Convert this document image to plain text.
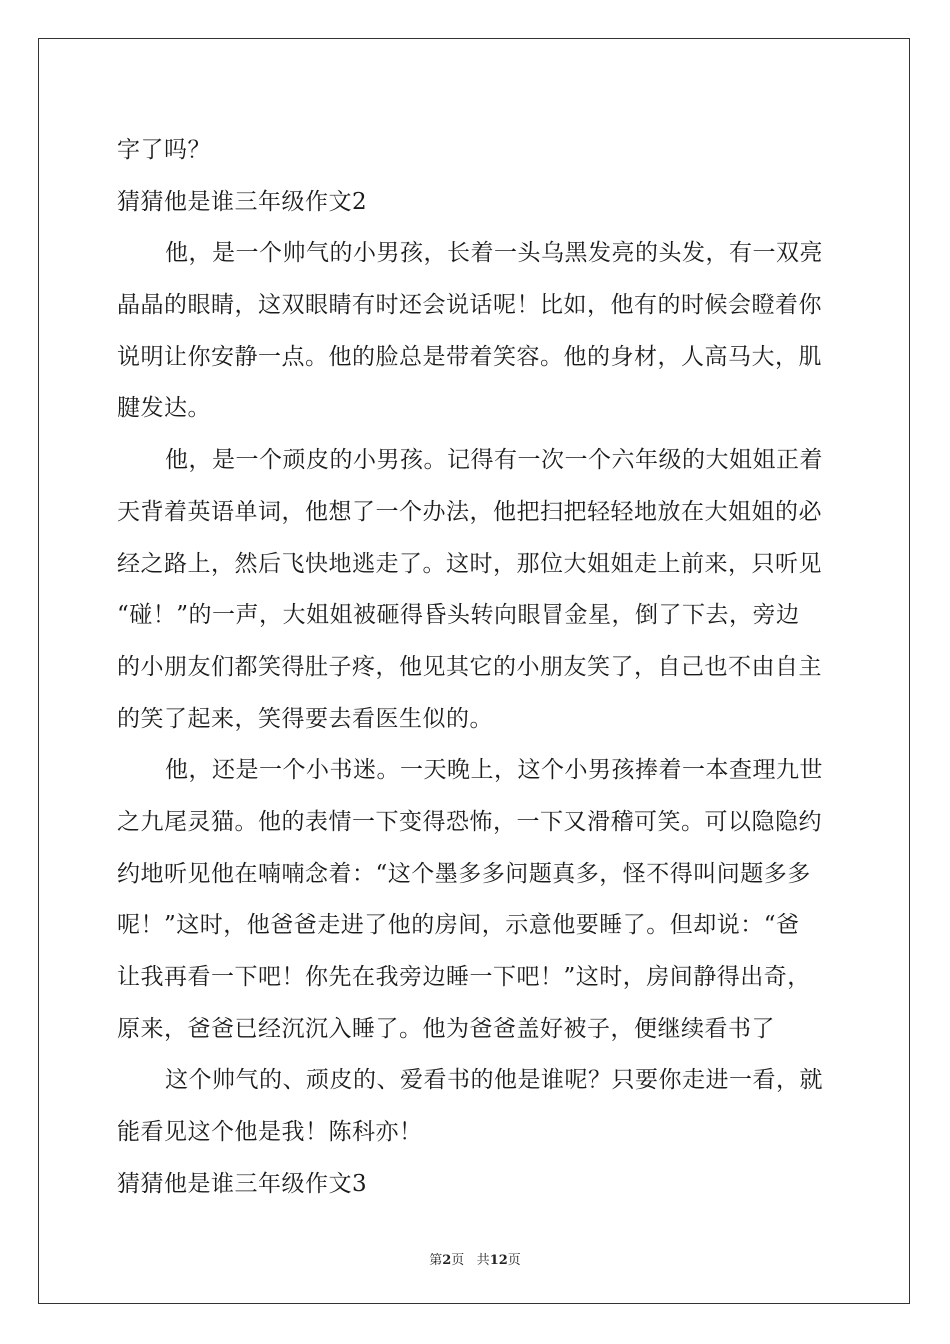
字了吗？
猜猜他是谁三年级作文2
他，是一个帅气的小男孩，长着一头乌黑发亮的头发，有一双亮
晶晶的眼睛，这双眼睛有时还会说话呢！比如，他有的时候会瞪着你
说明让你安静一点。他的脸总是带着笑容。他的身材，人高马大，肌
腱发达。
他，是一个顽皮的小男孩。记得有一次一个六年级的大姐姐正着
天背着英语单词，他想了一个办法，他把扫把轻轻地放在大姐姐的必
经之路上，然后飞快地逃走了。这时，那位大姐姐走上前来，只听见
“碰！”的一声，大姐姐被砸得昏头转向眼冒金星，倒了下去，旁边
的小朋友们都笑得肚子疼，他见其它的小朋友笑了，自己也不由自主
的笑了起来，笑得要去看医生似的。
他，还是一个小书迷。一天晚上，这个小男孩捧着一本查理九世
之九尾灵猫。他的表情一下变得恐怖，一下又滑稽可笑。可以隐隐约
约地听见他在喃喃念着：“这个墨多多问题真多，怪不得叫问题多多
呢！”这时，他爸爸走进了他的房间，示意他要睡了。但却说：“爸
让我再看一下吧！你先在我旁边睡一下吧！”这时，房间静得出奇，
原来，爸爸已经沉沉入睡了。他为爸爸盖好被子，便继续看书了
这个帅气的、顽皮的、爱看书的他是谁呢？只要你走进一看，就
能看见这个他是我！陈科亦！
猜猜他是谁三年级作文3
第2页 共12页
